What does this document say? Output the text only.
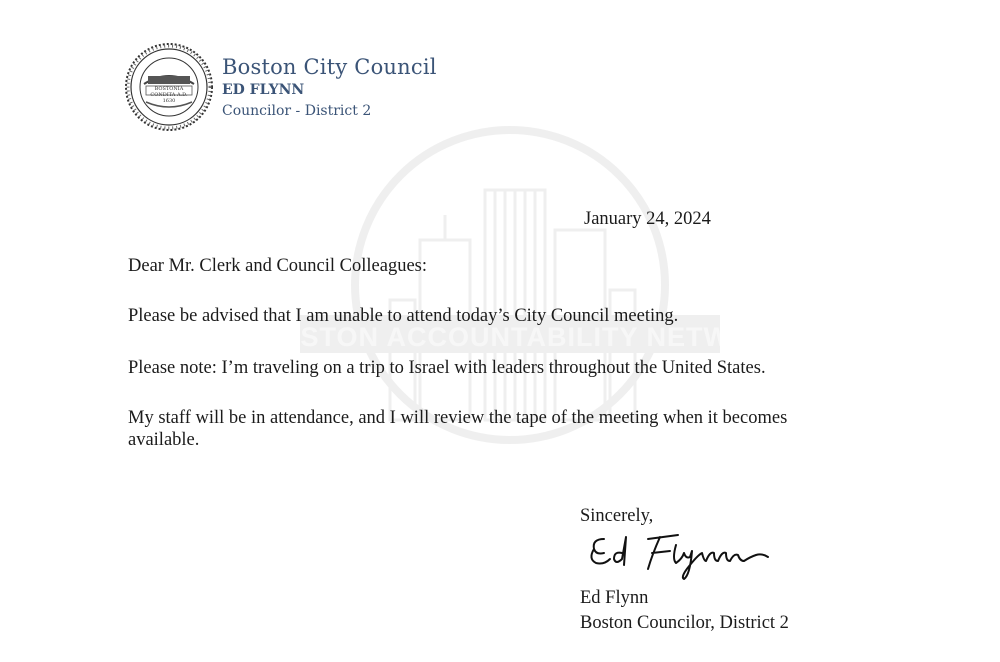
BOSTON ACCOUNTABILITY NETWORK
BOSTONIA CONDITA A.D. 1630
Boston City Council
ED FLYNN
Councilor - District 2
January 24, 2024
Dear Mr. Clerk and Council Colleagues:
Please be advised that I am unable to attend today’s City Council meeting.
Please note: I’m traveling on a trip to Israel with leaders throughout the United States.
My staff will be in attendance, and I will review the tape of the meeting when it becomes available.
Sincerely,
Ed Flynn
Boston Councilor, District 2
